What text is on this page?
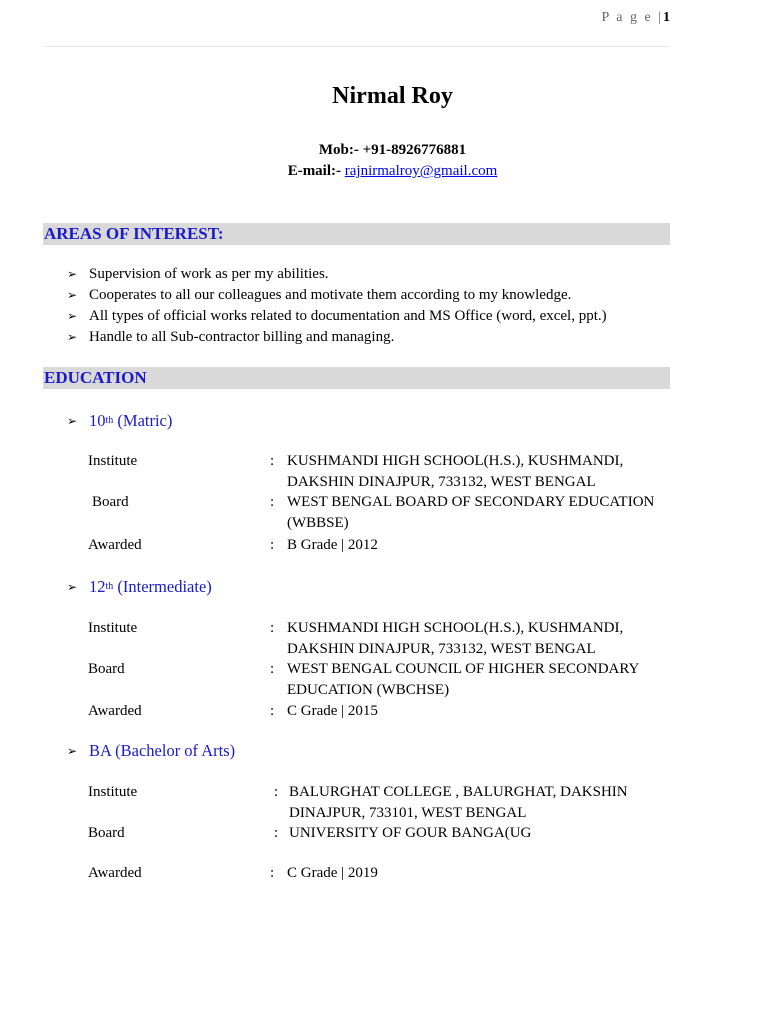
P a g e |1
Nirmal Roy
Mob:- +91-8926776881
E-mail:- rajnirmalroy@gmail.com
AREAS OF INTEREST:
➢ Supervision of work as per my abilities.
➢ Cooperates to all our colleagues and motivate them according to my knowledge.
➢ All types of official works related to documentation and MS Office (word, excel, ppt.)
➢ Handle to all Sub-contractor billing and managing.
EDUCATION
➢ 10 th (Matric)
Institute	: KUSHMANDI HIGH SCHOOL(H.S.), KUSHMANDI, DAKSHIN DINAJPUR, 733132, WEST BENGAL
Board	: WEST BENGAL BOARD OF SECONDARY EDUCATION (WBBSE)
Awarded	: B Grade | 2012
➢ 12 th (Intermediate)
Institute	: KUSHMANDI HIGH SCHOOL(H.S.), KUSHMANDI, DAKSHIN DINAJPUR, 733132, WEST BENGAL
Board	: WEST BENGAL COUNCIL OF HIGHER SECONDARY EDUCATION (WBCHSE)
Awarded	: C Grade | 2015
➢ BA (Bachelor of Arts)
Institute	: BALURGHAT COLLEGE , BALURGHAT, DAKSHIN DINAJPUR, 733101, WEST BENGAL
Board	: UNIVERSITY OF GOUR BANGA(UG
Awarded	: C Grade | 2019
